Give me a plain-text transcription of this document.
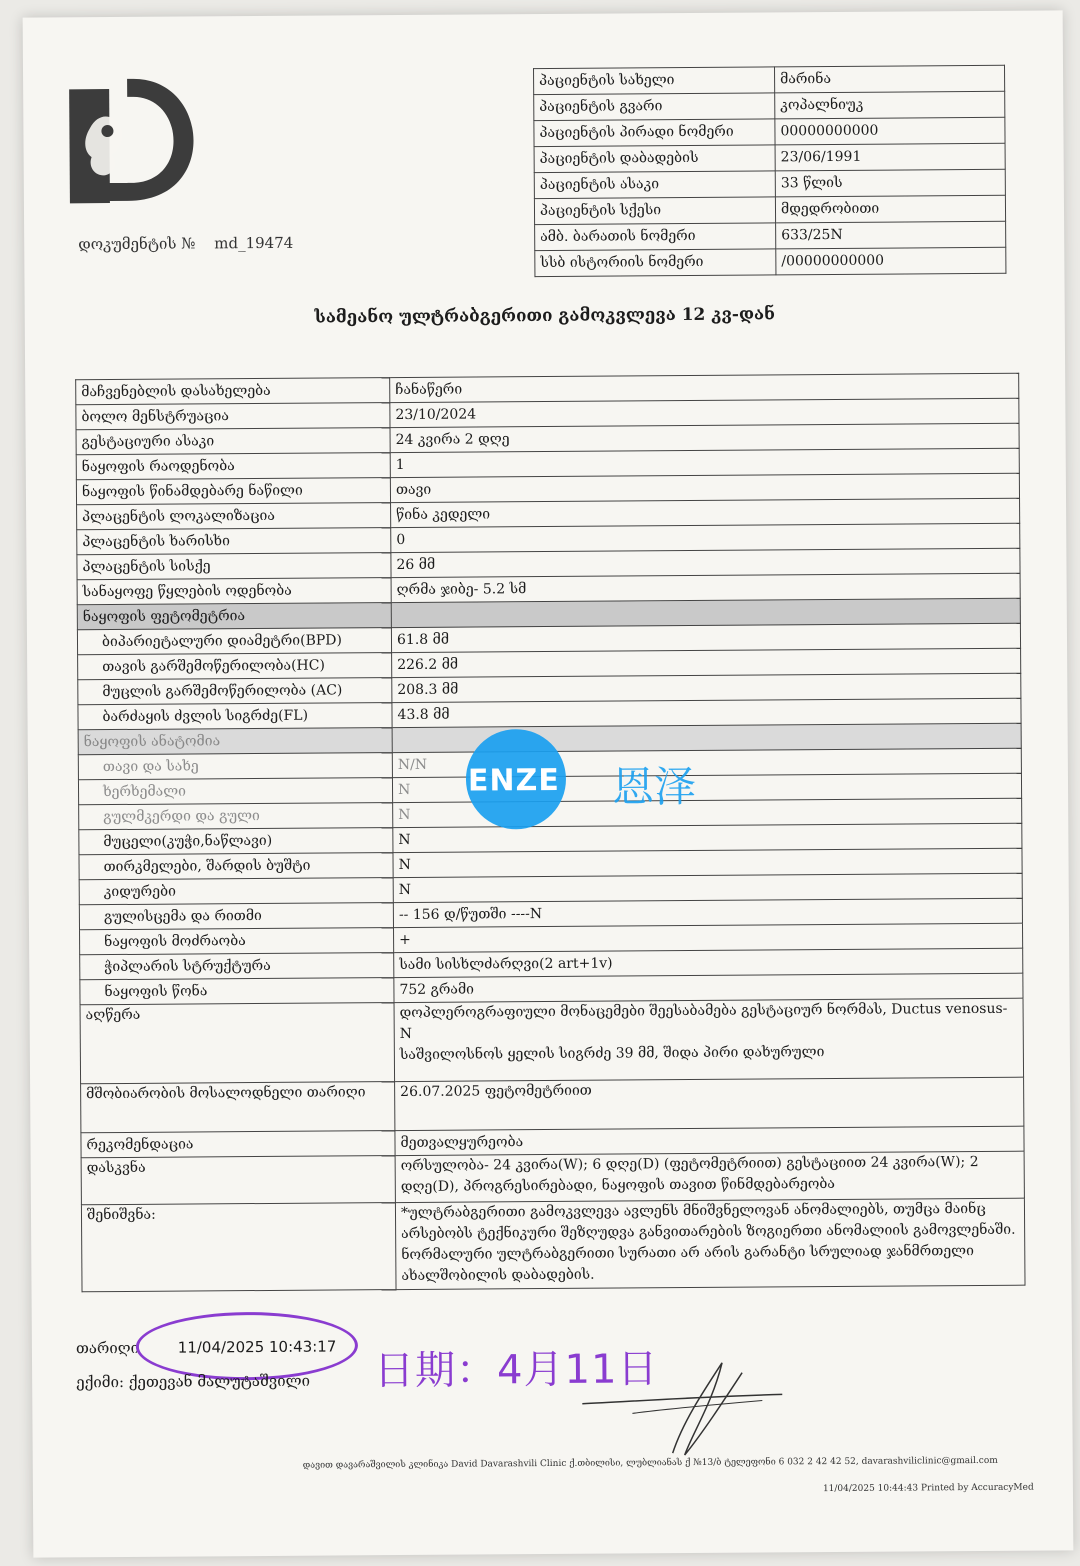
დოკუმენტის № md_19474
პაციენტის სახელი	მარინა
პაციენტის გვარი	კოპალნიუკ
პაციენტის პირადი ნომერი	00000000000
პაციენტის დაბადების	23/06/1991
პაციენტის ასაკი	33 წლის
პაციენტის სქესი	მდედრობითი
ამბ. ბარათის ნომერი	633/25N
სსბ ისტორიის ნომერი	/00000000000
სამეანო ულტრაბგერითი გამოკვლევა 12 კვ-დან
მაჩვენებლის დასახელება	ჩანაწერი
ბოლო მენსტრუაცია	23/10/2024
გესტაციური ასაკი	24 კვირა 2 დღე
ნაყოფის რაოდენობა	1
ნაყოფის წინამდებარე ნაწილი	თავი
პლაცენტის ლოკალიზაცია	წინა კედელი
პლაცენტის ხარისხი	0
პლაცენტის სისქე	26 მმ
სანაყოფე წყლების ოდენობა	ღრმა ჯიბე- 5.2 სმ
ნაყოფის ფეტომეტრია	
ბიპარიეტალური დიამეტრი(BPD)	61.8 მმ
თავის გარშემოწერილობა(HC)	226.2 მმ
მუცლის გარშემოწერილობა (AC)	208.3 მმ
ბარძაყის ძვლის სიგრძე(FL)	43.8 მმ
ნაყოფის ანატომია	
თავი და სახე	N/N
ხერხემალი	N
გულმკერდი და გული	N
მუცელი(კუჭი,ნაწლავი)	N
თირკმელები, შარდის ბუშტი	N
კიდურები	N
გულისცემა და რითმი	-- 156 დ/წუთში ----N
ნაყოფის მოძრაობა	+
ჭიპლარის სტრუქტურა	სამი სისხლძარღვი(2 art+1v)
ნაყოფის წონა	752 გრამი
აღწერა	დოპლეროგრაფიული მონაცემები შეესაბამება გესტაციურ ნორმას, Ductus venosus-N
საშვილოსნოს ყელის სიგრძე 39 მმ, შიდა პირი დახურული

მშობიარობის მოსალოდნელი თარიღი	26.07.2025 ფეტომეტრიით
რეკომენდაცია	მეთვალყურეობა
დასკვნა	ორსულობა- 24 კვირა(W); 6 დღე(D) (ფეტომეტრიით) გესტაციით 24 კვირა(W); 2 დღე(D), პროგრესირებადი, ნაყოფის თავით წინმდებარეობა
შენიშვნა:	*ულტრაბგერითი გამოკვლევა ავლენს მნიშვნელოვან ანომალიებს, თუმცა მაინც არსებობს ტექნიკური შეზღუდვა განვითარების ზოგიერთი ანომალიის გამოვლენაში. ნორმალური ულტრაბგერითი სურათი არ არის გარანტი სრულიად ჯანმრთელი ახალშობილის დაბადების.
თარიღი	11/04/2025 10:43:17
ექიმი: ქეთევან მალუტაშვილი 日期：4月11日
დავით დავარაშვილის კლინიკა David Davarashvili Clinic ქ.თბილისი, ლუბლიანას ქ №13/ბ ტელეფონი 6 032 2 42 42 52, davarashviliclinic@gmail.com
11/04/2025 10:44:43 Printed by AccuracyMed
ENZE	恩泽
